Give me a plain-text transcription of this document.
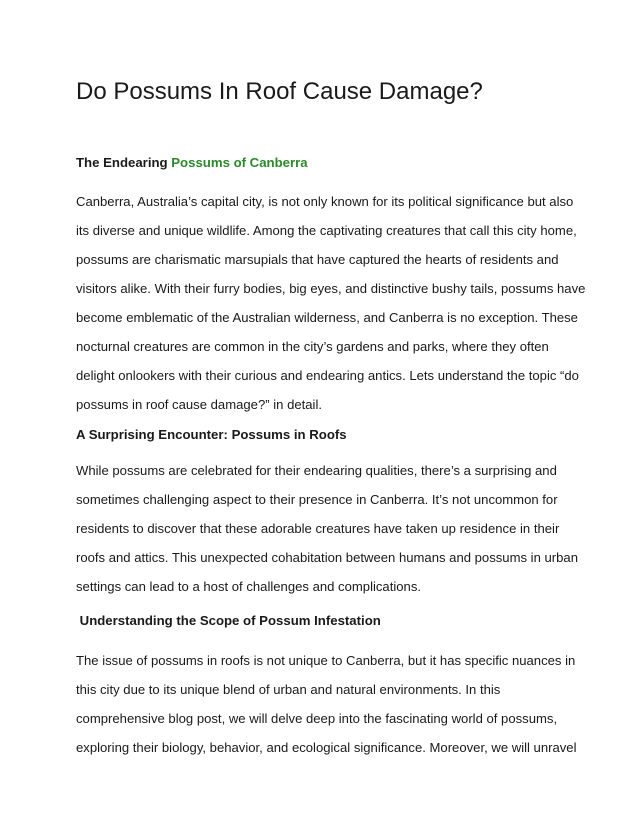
Do Possums In Roof Cause Damage?
The Endearing Possums of Canberra

Canberra, Australia’s capital city, is not only known for its political significance but also
its diverse and unique wildlife. Among the captivating creatures that call this city home,
possums are charismatic marsupials that have captured the hearts of residents and
visitors alike. With their furry bodies, big eyes, and distinctive bushy tails, possums have
become emblematic of the Australian wilderness, and Canberra is no exception. These
nocturnal creatures are common in the city’s gardens and parks, where they often
delight onlookers with their curious and endearing antics. Lets understand the topic “do
possums in roof cause damage?” in detail.

A Surprising Encounter: Possums in Roofs

While possums are celebrated for their endearing qualities, there’s a surprising and
sometimes challenging aspect to their presence in Canberra. It’s not uncommon for
residents to discover that these adorable creatures have taken up residence in their
roofs and attics. This unexpected cohabitation between humans and possums in urban
settings can lead to a host of challenges and complications.

Understanding the Scope of Possum Infestation

The issue of possums in roofs is not unique to Canberra, but it has specific nuances in
this city due to its unique blend of urban and natural environments. In this
comprehensive blog post, we will delve deep into the fascinating world of possums,
exploring their biology, behavior, and ecological significance. Moreover, we will unravel
